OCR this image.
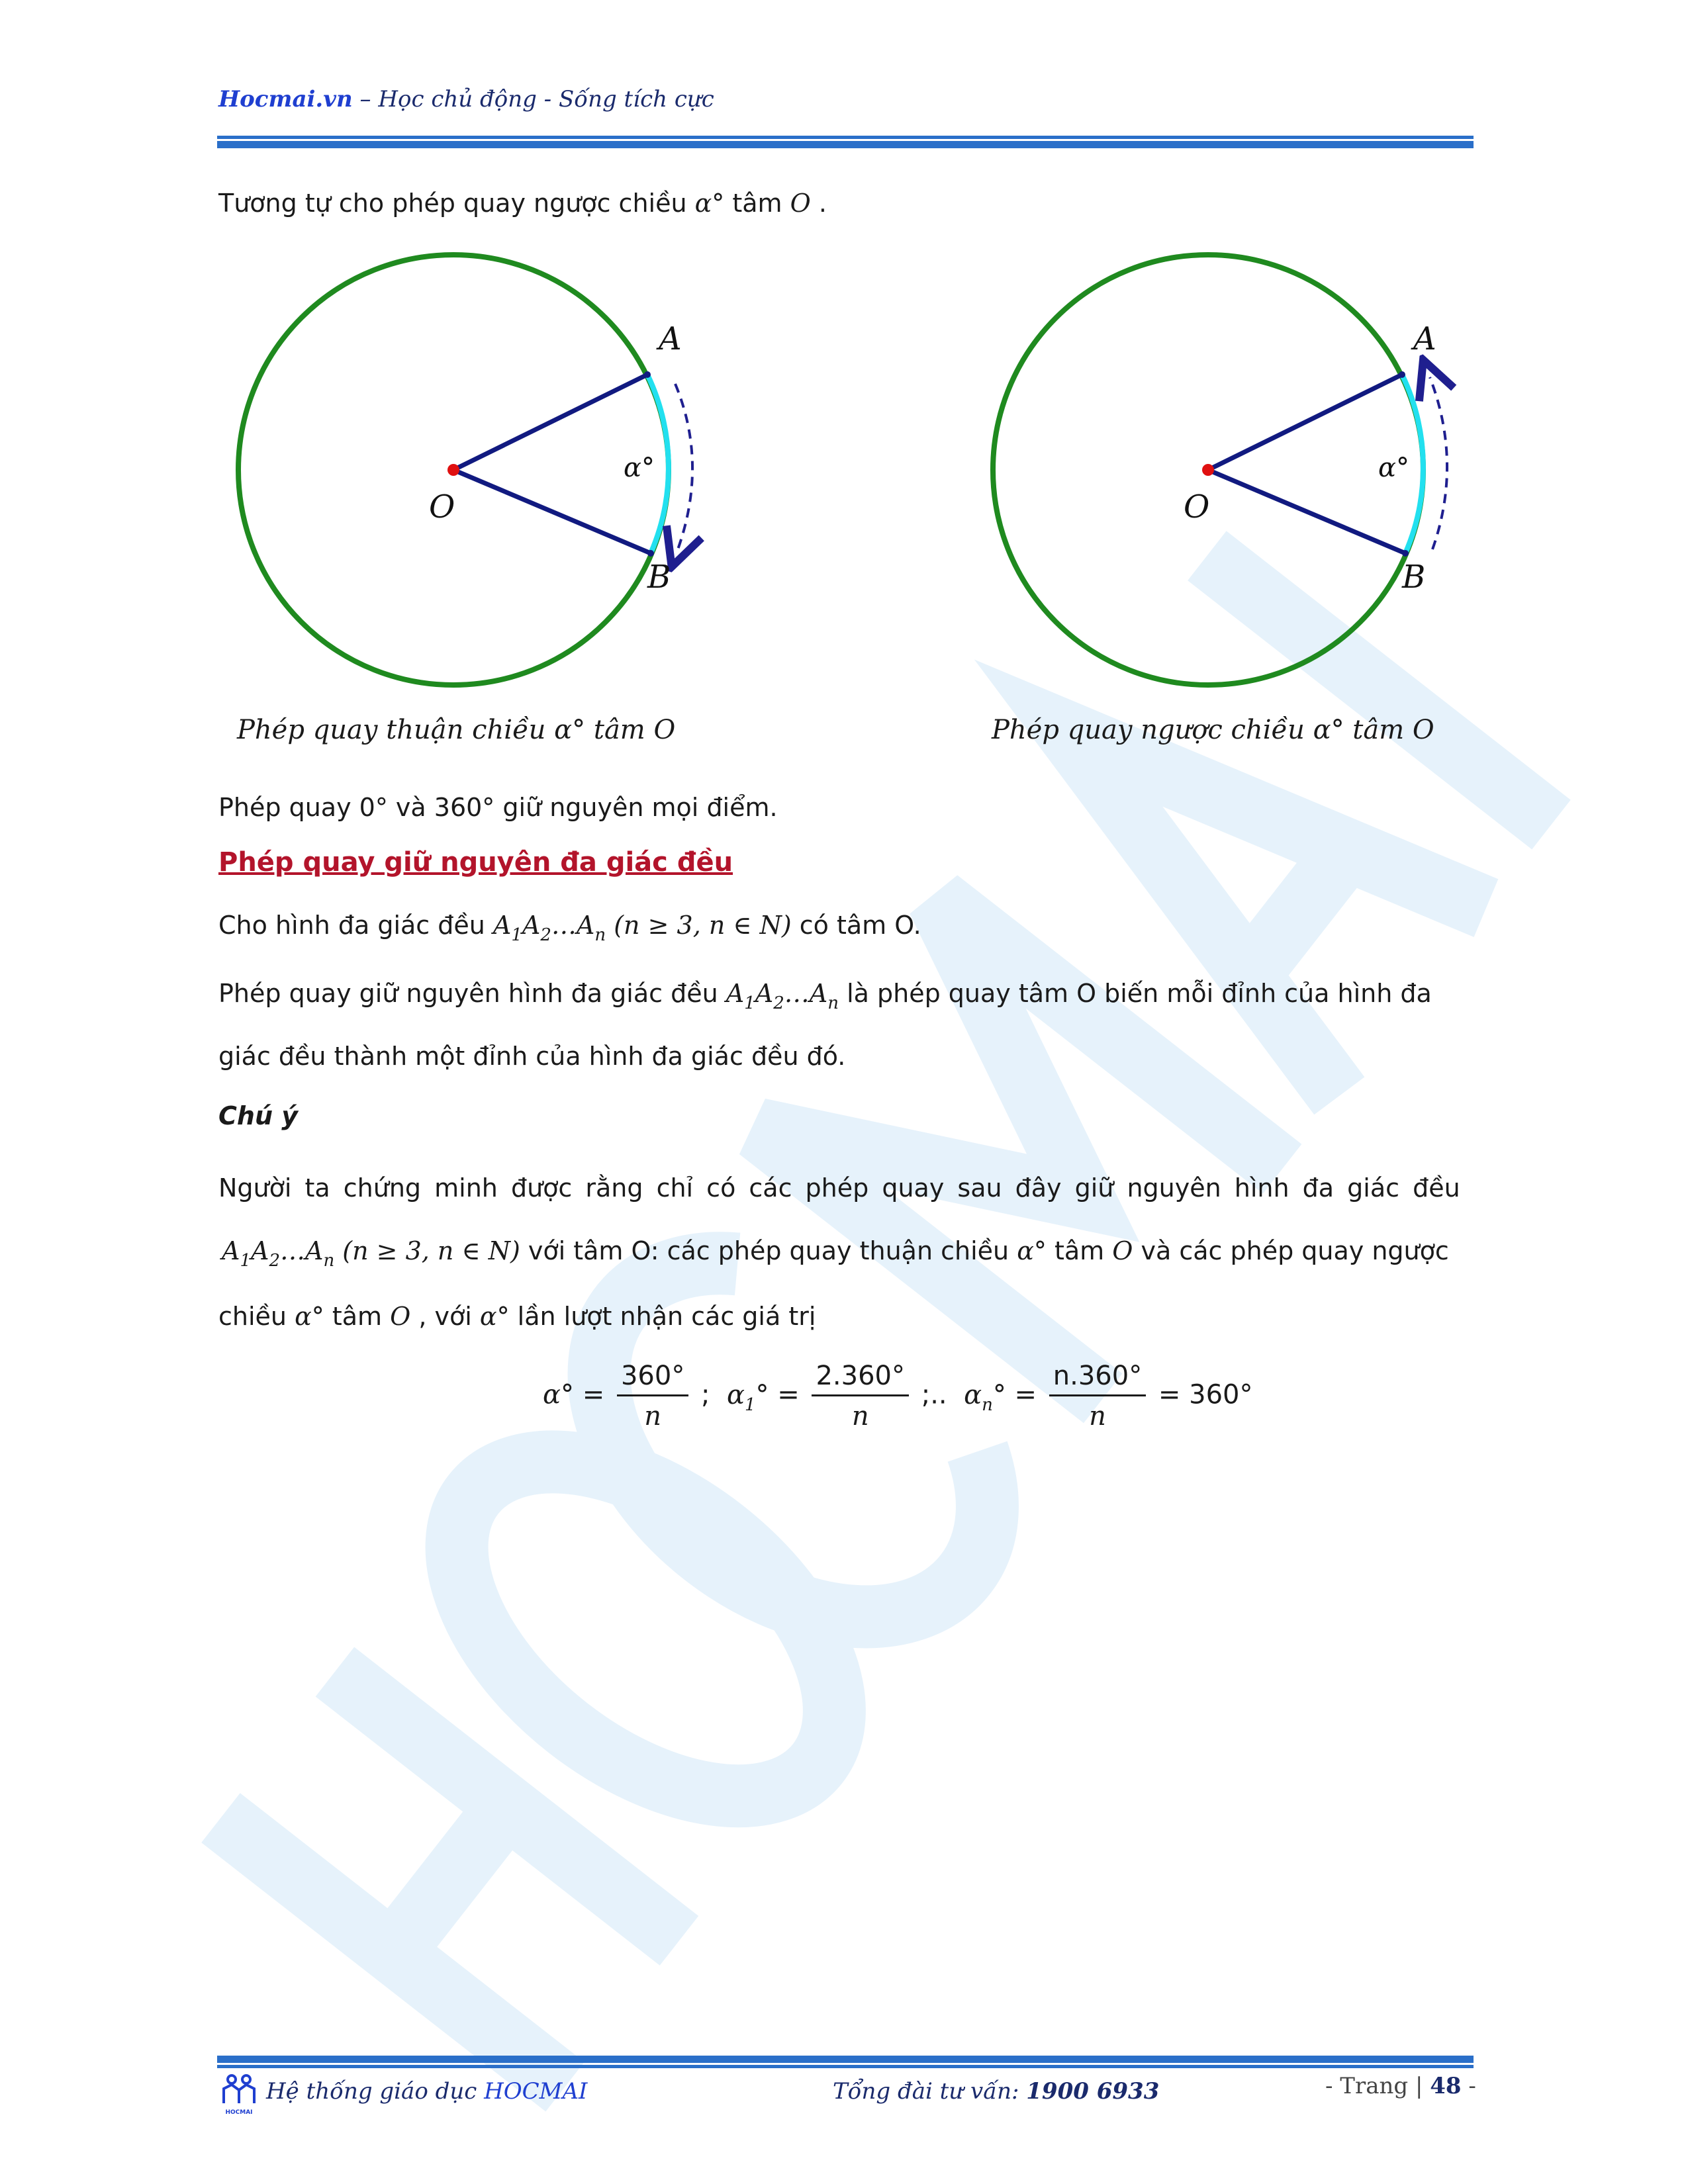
Hocmai.vn – Học chủ động - Sống tích cực
Tương tự cho phép quay ngược chiều α° tâm O .
A
B
O
α°
A
B
O
α°
Phép quay thuận chiều α° tâm O	Phép quay ngược chiều α° tâm O
Phép quay 0° và 360° giữ nguyên mọi điểm.
Phép quay giữ nguyên đa giác đều
Cho hình đa giác đều $A_1A_2\dots A_n$ (n ≥ 3, n ∈ N) có tâm O.
Phép quay giữ nguyên hình đa giác đều $A_1A_2\dots A_n$ là phép quay tâm O biến mỗi đỉnh của hình đa
giác đều thành một đỉnh của hình đa giác đều đó.
Chú ý
Người ta chứng minh được rằng chỉ có các phép quay sau đây giữ nguyên hình đa giác đều
$A_1A_2\dots A_n$ (n ≥ 3, n ∈ N) với tâm O: các phép quay thuận chiều α° tâm O và các phép quay ngược
chiều α° tâm O , với α° lần lượt nhận các giá trị
$\alpha^\circ = \frac{360^\circ}{n}$ ; $\alpha_1^\circ = \frac{2.360^\circ}{n}$ ;.. $\alpha_n^\circ = \frac{n.360^\circ}{n} = 360^\circ$
HOCMAI
Hệ thống giáo dục HOCMAI	Tổng đài tư vấn: 1900 6933	- Trang | 48 -
